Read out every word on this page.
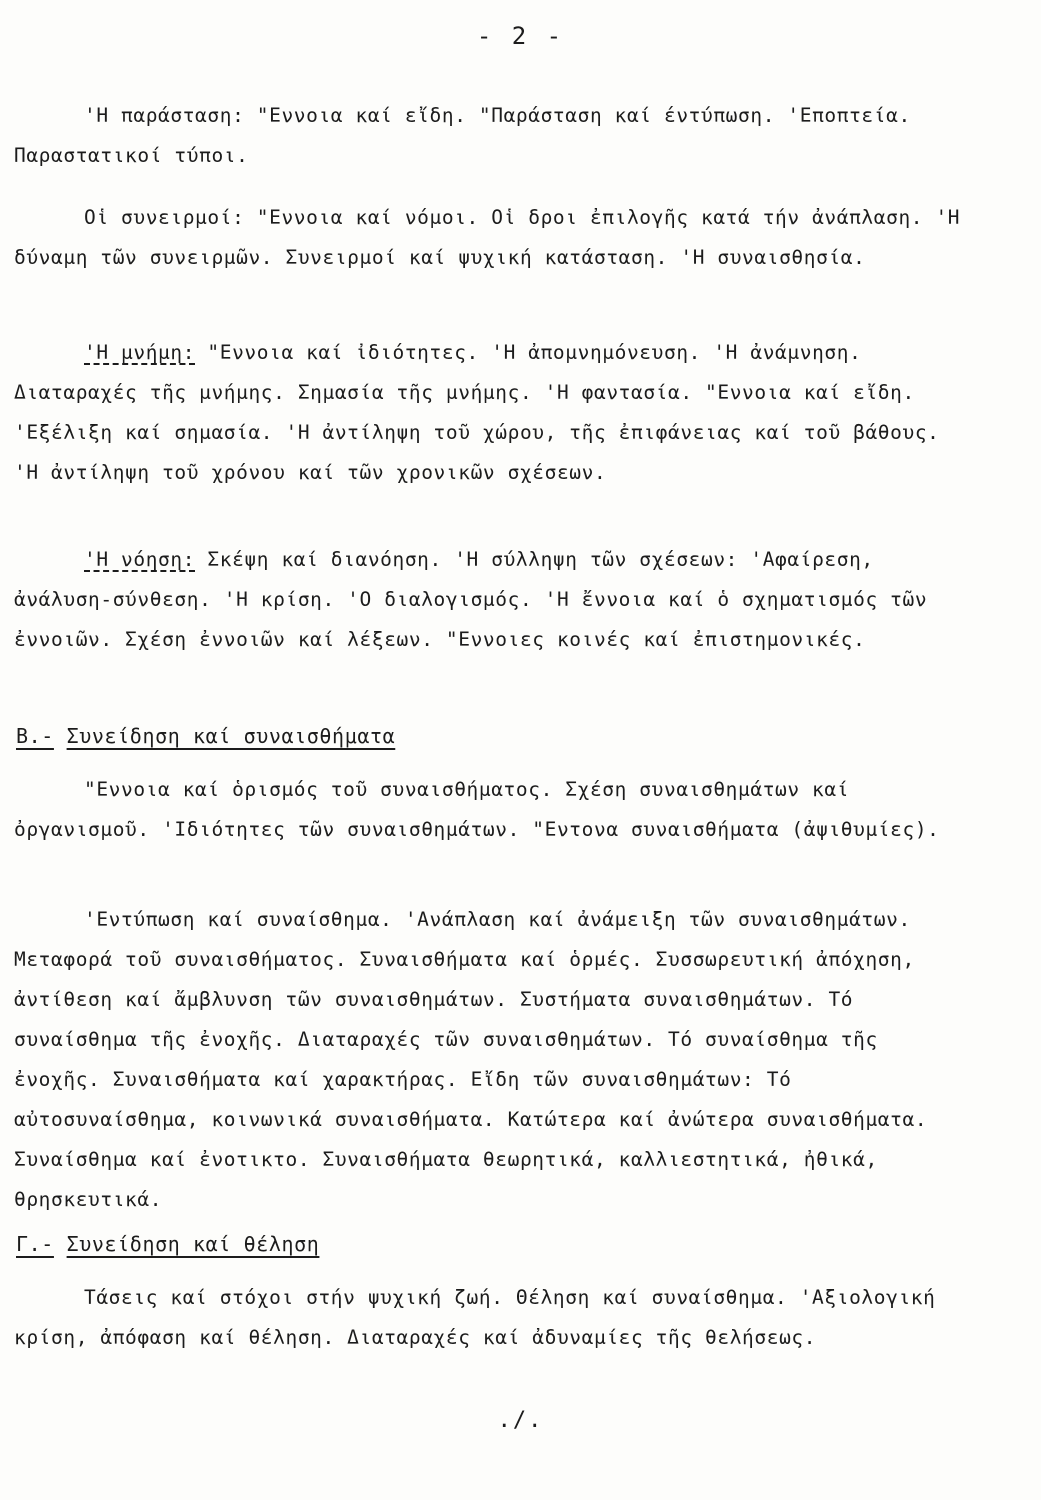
- 2 -

'Η παράσταση: "Εννοια καί εἴδη. "Παράσταση καί έντύπωση. 'Εποπτεία. Παραστατικοί τύποι.

Οἱ συνειρμοί: "Εννοια καί νόμοι. Οἱ δροι ἐπιλογῆς κατά τήν ἀνάπλαση. 'Η δύναμη τῶν συνειρμῶν. Συνειρμοί καί ψυχική κατάσταση. 'Η συναισθησία.

'Η μνήμη: "Εννοια καί ἰδιότητες. 'Η ἀπομνημόνευση. 'Η ἀνάμνηση. Διαταραχές τῆς μνήμης. Σημασία τῆς μνήμης. 'Η φαντασία. "Εννοια καί εἴδη. 'Εξέλιξη καί σημασία. 'Η ἀντίληψη τοῦ χώρου, τῆς ἐπιφάνειας καί τοῦ βάθους. 'Η ἀντίληψη τοῦ χρόνου καί τῶν χρονικῶν σχέσεων.

'Η νόηση: Σκέψη καί διανόηση. 'Η σύλληψη τῶν σχέσεων: 'Αφαίρεση, ἀνάλυση-σύνθεση. 'Η κρίση. 'Ο διαλογισμός. 'Η ἔννοια καί ὁ σχηματισμός τῶν ἐννοιῶν. Σχέση ἐννοιῶν καί λέξεων. "Εννοιες κοινές καί ἐπιστημονικές.

Β.- Συνείδηση καί συναισθήματα

"Εννοια καί ὁρισμός τοῦ συναισθήματος. Σχέση συναισθημάτων καί ὀργανισμοῦ. 'Ιδιότητες τῶν συναισθημάτων. "Εντονα συναισθήματα (ἀψιθυμίες).

'Εντύπωση καί συναίσθημα. 'Ανάπλαση καί ἀνάμειξη τῶν συναισθημάτων. Μεταφορά τοῦ συναισθήματος. Συναισθήματα καί ὁρμές. Συσσωρευτική ἀπόχηση, ἀντίθεση καί ἄμβλυνση τῶν συναισθημάτων. Συστήματα συναισθημάτων. Τό συναίσθημα τῆς ἐνοχῆς. Διαταραχές τῶν συναισθημάτων. Τό συναίσθημα τῆς ἐνοχῆς. Συναισθήματα καί χαρακτήρας. Εἴδη τῶν συναισθημάτων: Τό αὐτοσυναίσθημα, κοινωνικά συναισθήματα. Κατώτερα καί ἀνώτερα συναισθήματα. Συναίσθημα καί ἐνοτικτο. Συναισθήματα θεωρητικά, καλλιεστητικά, ἠθικά, θρησκευτικά.

Γ.- Συνείδηση καί θέληση

Τάσεις καί στόχοι στήν ψυχική ζωή. Θέληση καί συναίσθημα. 'Αξιολογική κρίση, ἀπόφαση καί θέληση. Διαταραχές καί ἀδυναμίες τῆς θελήσεως.

./.
